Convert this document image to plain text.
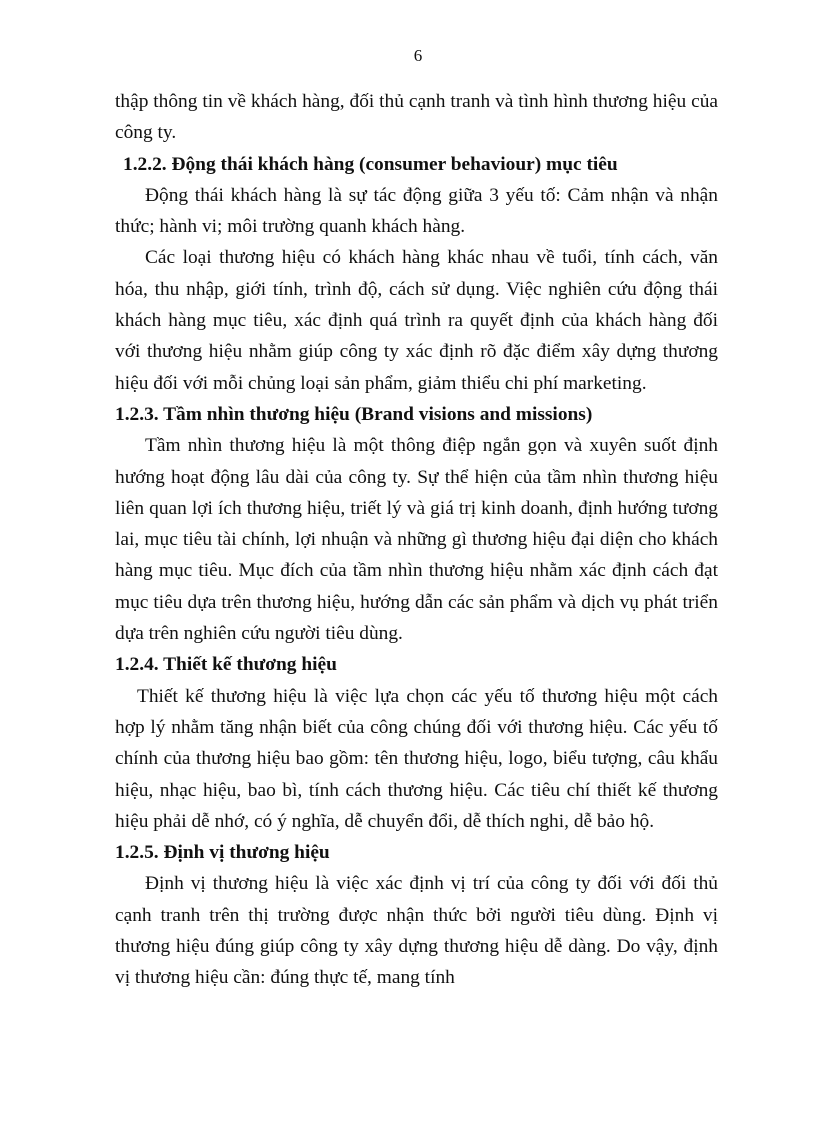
6

thập thông tin về khách hàng, đối thủ cạnh tranh và tình hình thương hiệu của công ty.

1.2.2. Động thái khách hàng (consumer behaviour) mục tiêu

Động thái khách hàng là sự tác động giữa 3 yếu tố: Cảm nhận và nhận thức; hành vi; môi trường quanh khách hàng.

Các loại thương hiệu có khách hàng khác nhau về tuổi, tính cách, văn hóa, thu nhập, giới tính, trình độ, cách sử dụng. Việc nghiên cứu động thái khách hàng mục tiêu, xác định quá trình ra quyết định của khách hàng đối với thương hiệu nhằm giúp công ty xác định rõ đặc điểm xây dựng thương hiệu đối với mỗi chủng loại sản phẩm, giảm thiểu chi phí marketing.

1.2.3. Tầm nhìn thương hiệu (Brand visions and missions)

Tầm nhìn thương hiệu là một thông điệp ngắn gọn và xuyên suốt định hướng hoạt động lâu dài của công ty. Sự thể hiện của tầm nhìn thương hiệu liên quan lợi ích thương hiệu, triết lý và giá trị kinh doanh, định hướng tương lai, mục tiêu tài chính, lợi nhuận và những gì thương hiệu đại diện cho khách hàng mục tiêu. Mục đích của tầm nhìn thương hiệu nhằm xác định cách đạt mục tiêu dựa trên thương hiệu, hướng dẫn các sản phẩm và dịch vụ phát triển dựa trên nghiên cứu người tiêu dùng.

1.2.4. Thiết kế thương hiệu

Thiết kế thương hiệu là việc lựa chọn các yếu tố thương hiệu một cách hợp lý nhằm tăng nhận biết của công chúng đối với thương hiệu. Các yếu tố chính của thương hiệu bao gồm: tên thương hiệu, logo, biểu tượng, câu khẩu hiệu, nhạc hiệu, bao bì, tính cách thương hiệu. Các tiêu chí thiết kế thương hiệu phải dễ nhớ, có ý nghĩa, dễ chuyển đổi, dễ thích nghi, dễ bảo hộ.

1.2.5. Định vị thương hiệu

Định vị thương hiệu là việc xác định vị trí của công ty đối với đối thủ cạnh tranh trên thị trường được nhận thức bởi người tiêu dùng. Định vị thương hiệu đúng giúp công ty xây dựng thương hiệu dễ dàng. Do vậy, định vị thương hiệu cần: đúng thực tế, mang tính
